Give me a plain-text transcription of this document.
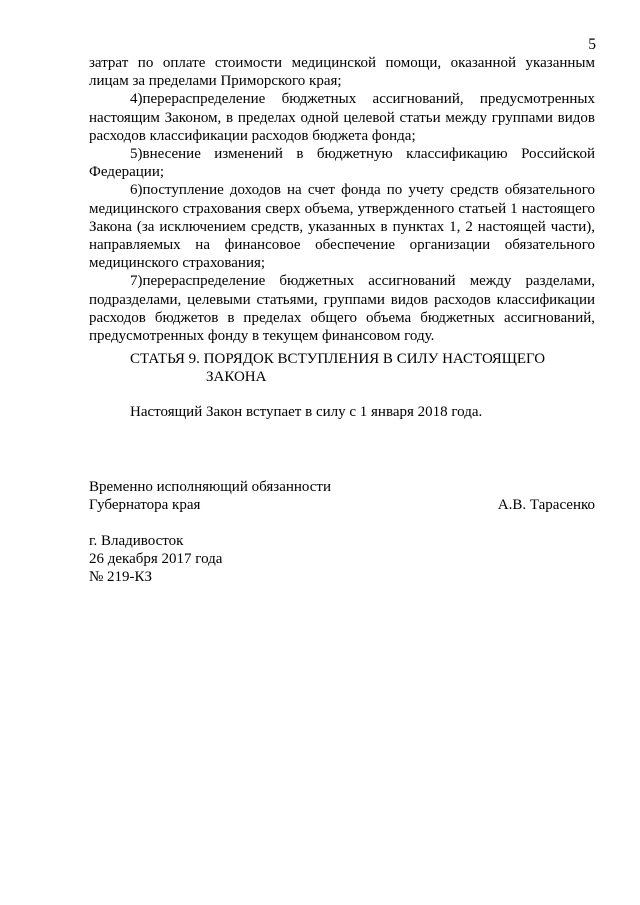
5

затрат по оплате стоимости медицинской помощи, оказанной указанным лицам за пределами Приморского края;

4)перераспределение бюджетных ассигнований, предусмотренных настоящим Законом, в пределах одной целевой статьи между группами видов расходов классификации расходов бюджета фонда;

5)внесение изменений в бюджетную классификацию Российской Федерации;

6)поступление доходов на счет фонда по учету средств обязательного медицинского страхования сверх объема, утвержденного статьей 1 настоящего Закона (за исключением средств, указанных в пунктах 1, 2 настоящей части), направляемых на финансовое обеспечение организации обязательного медицинского страхования;

7)перераспределение бюджетных ассигнований между разделами, подразделами, целевыми статьями, группами видов расходов классификации расходов бюджетов в пределах общего объема бюджетных ассигнований, предусмотренных фонду в текущем финансовом году.

СТАТЬЯ 9. ПОРЯДОК ВСТУПЛЕНИЯ В СИЛУ НАСТОЯЩЕГО
ЗАКОНА
Настоящий Закон вступает в силу с 1 января 2018 года.
Временно исполняющий обязанности
Губернатора края	А.В. Тарасенко
г. Владивосток
26 декабря 2017 года
№ 219-КЗ
